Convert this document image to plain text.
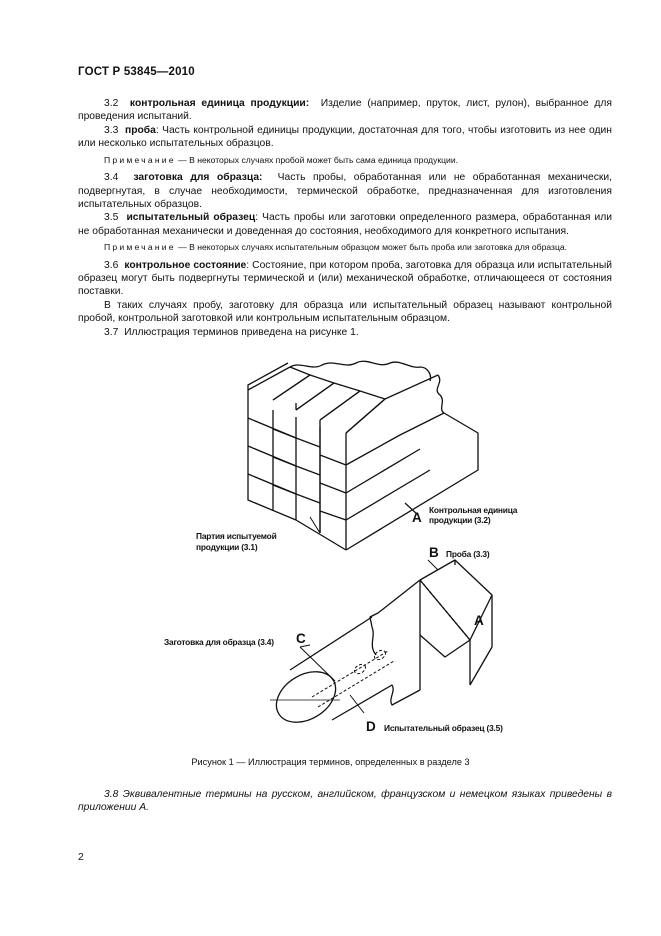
ГОСТ Р 53845—2010

3.2 контрольная единица продукции: Изделие (например, пруток, лист, рулон), выбранное для проведения испытаний.

3.3 проба: Часть контрольной единицы продукции, достаточная для того, чтобы изготовить из нее один или несколько испытательных образцов.

Примечание — В некоторых случаях пробой может быть сама единица продукции.

3.4 заготовка для образца: Часть пробы, обработанная или не обработанная механически, подвергнутая, в случае необходимости, термической обработке, предназначенная для изготовления испытательных образцов.

3.5 испытательный образец: Часть пробы или заготовки определенного размера, обработанная или не обработанная механически и доведенная до состояния, необходимого для конкретного испытания.

Примечание — В некоторых случаях испытательным образцом может быть проба или заготовка для образца.

3.6 контрольное состояние: Состояние, при котором проба, заготовка для образца или испытательный образец могут быть подвергнуты термической и (или) механической обработке, отличающееся от состояния поставки.

В таких случаях пробу, заготовку для образца или испытательный образец называют контрольной пробой, контрольной заготовкой или контрольным испытательным образцом.

3.7 Иллюстрация терминов приведена на рисунке 1.

А Контрольная единица продукции (3.2)
Партия испытуемой продукции (3.1)	В Проба (3.3)
А
С
Заготовка для образца (3.4)
D Испытательный образец (3.5)
Рисунок 1 — Иллюстрация терминов, определенных в разделе 3
3.8 Эквивалентные термины на русском, английском, французском и немецком языках приведены в приложении А.
2
